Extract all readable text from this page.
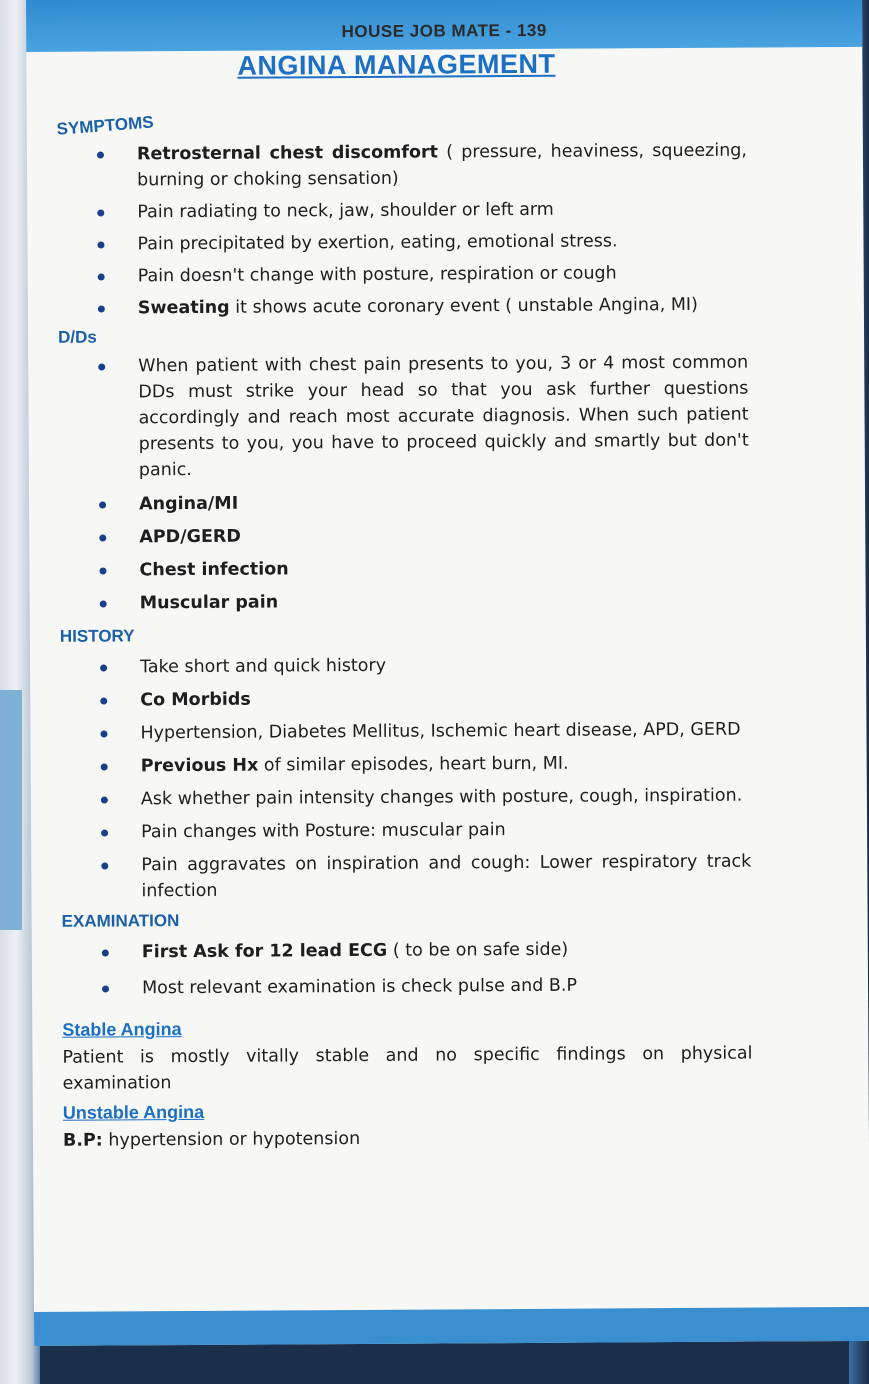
HOUSE JOB MATE - 139
ANGINA MANAGEMENT

SYMPTOMS

Retrosternal chest discomfort ( pressure, heaviness, squeezing, burning or choking sensation)
Pain radiating to neck, jaw, shoulder or left arm
Pain precipitated by exertion, eating, emotional stress.
Pain doesn't change with posture, respiration or cough
Sweating it shows acute coronary event ( unstable Angina, MI)

D/Ds

When patient with chest pain presents to you, 3 or 4 most common DDs must strike your head so that you ask further questions accordingly and reach most accurate diagnosis. When such patient presents to you, you have to proceed quickly and smartly but don't panic.
Angina/MI
APD/GERD
Chest infection
Muscular pain

HISTORY

Take short and quick history
Co Morbids
Hypertension, Diabetes Mellitus, Ischemic heart disease, APD, GERD
Previous Hx of similar episodes, heart burn, MI.
Ask whether pain intensity changes with posture, cough, inspiration.
Pain changes with Posture: muscular pain
Pain aggravates on inspiration and cough: Lower respiratory track infection

EXAMINATION

First Ask for 12 lead ECG ( to be on safe side)
Most relevant examination is check pulse and B.P
Stable Angina
Patient is mostly vitally stable and no specific findings on physical examination
Unstable Angina
B.P: hypertension or hypotension
